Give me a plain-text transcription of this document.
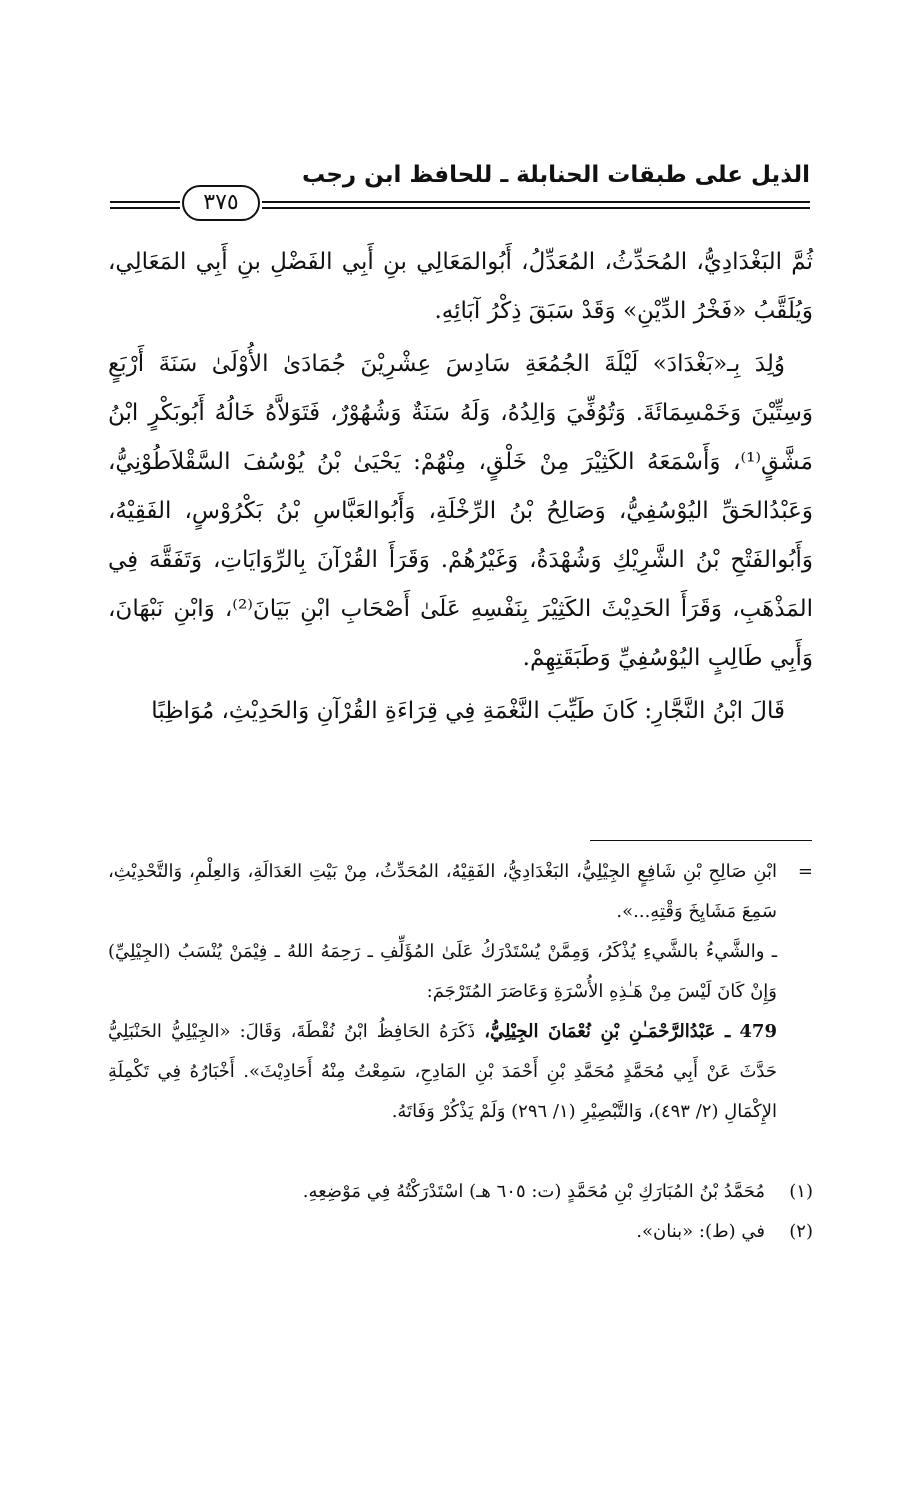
الذيل على طبقات الحنابلة ـ للحافظ ابن رجب
٣٧٥

ثُمَّ البَغْدَادِيُّ، المُحَدِّثُ، المُعَدِّلُ، أَبُوالمَعَالِي بنِ أَبِي الفَضْلِ بنِ أَبِي المَعَالِي، وَيُلَقَّبُ «فَخْرُ الدِّيْنِ» وَقَدْ سَبَقَ ذِكْرُ آبَائِهِ.

وُلِدَ بِـ«بَغْدَادَ» لَيْلَةَ الجُمُعَةِ سَادِسَ عِشْرِيْنَ جُمَادَىٰ الأُوْلَىٰ سَنَةَ أَرْبَعٍ وَسِتِّيْنَ وَخَمْسِمَائَةَ. وَتُوُفِّيَ وَالِدُهُ، وَلَهُ سَنَةٌ وَشُهُوْرٌ، فَتَوَلاَّهُ خَالُهُ أَبُوبَكْرٍ ابْنُ مَشَّقٍ⁽¹⁾، وَأَسْمَعَهُ الكَثِيْرَ مِنْ خَلْقٍ، مِنْهُمْ: يَحْيَىٰ بْنُ يُوْسُفَ السَّقْلاَطُوْنِيُّ، وَعَبْدُالحَقِّ اليُوْسُفِيُّ، وَصَالِحُ بْنُ الرِّخْلَةِ، وَأَبُوالعَبَّاسِ بْنُ بَكْرُوْسٍ، الفَقِيْهُ، وَأَبُوالفَتْحِ بْنُ الشَّرِيْكِ وَشُهْدَةُ، وَغَيْرُهُمْ. وَقَرَأَ القُرْآنَ بِالرِّوَايَاتِ، وَتَفَقَّهَ فِي المَذْهَبِ، وَقَرَأَ الحَدِيْثَ الكَثِيْرَ بِنَفْسِهِ عَلَىٰ أَصْحَابِ ابْنِ بَيَانَ⁽²⁾، وَابْنِ نَبْهَانَ، وَأَبِي طَالِبٍ اليُوْسُفِيِّ وَطَبَقَتِهِمْ.

قَالَ ابْنُ النَّجَّارِ: كَانَ طَيِّبَ النَّغْمَةِ فِي قِرَاءَةِ القُرْآنِ وَالحَدِيْثِ، مُوَاظِبًا

=
ابْنِ صَالِحِ بْنِ شَافِعٍ الجِيْلِيُّ، البَغْدَادِيُّ، الفَقِيْهُ، المُحَدِّثُ، مِنْ بَيْتِ العَدَالَةِ، وَالعِلْمِ، وَالتَّحْدِيْثِ، سَمِعَ مَشَايِخَ وَقْتِهِ...».

ـ والشَّيءُ بالشَّيءِ يُذْكَرُ، وَمِمَّنْ يُسْتَدْرَكُ عَلَىٰ المُؤَلِّفِ ـ رَحِمَهُ اللهُ ـ فِيْمَنْ يُنْسَبُ (الجِيْلِيِّ) وَإِنْ كَانَ لَيْسَ مِنْ هَـٰذِهِ الأُسْرَةِ وَعَاصَرَ المُتَرْجَمَ:

479 ـ عَبْدُالرَّحْمَـٰنِ بْنِ نُعْمَانَ الجِيْلِيُّ، ذَكَرَهُ الحَافِظُ ابْنُ نُقْطَةَ، وَقَالَ: «الجِيْلِيُّ الحَنْبَلِيُّ حَدَّثَ عَنْ أَبِي مُحَمَّدٍ مُحَمَّدِ بْنِ أَحْمَدَ بْنِ المَادِحِ، سَمِعْتُ مِنْهُ أَحَادِيْثَ». أَخْبَارُهُ فِي تَكْمِلَةِ الإِكْمَالِ (٢/ ٤٩٣)، وَالتَّبْصِيْرِ (١/ ٢٩٦) وَلَمْ يَذْكُرْ وَفَاتَهُ.

(١)
مُحَمَّدُ بْنُ المُبَارَكِ بْنِ مُحَمَّدٍ (ت: ٦٠٥ هـ) اسْتَدْرَكْتُهُ فِي مَوْضِعِهِ.
(٢)
في (ط): «بنان».
